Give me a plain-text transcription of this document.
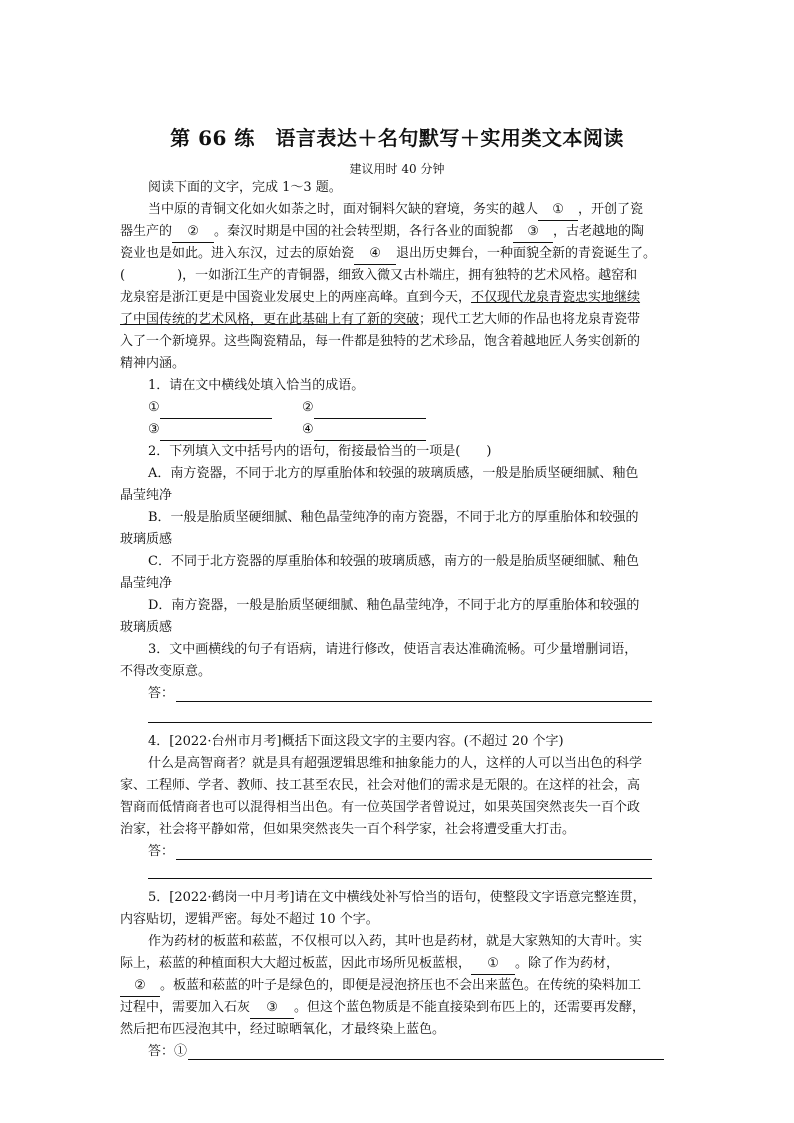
第 66 练　语言表达＋名句默写＋实用类文本阅读
建议用时 40 分钟
阅读下面的文字，完成 1～3 题。
当中原的青铜文化如火如荼之时，面对铜料欠缺的窘境，务实的越人 ① ，开创了瓷
器生产的 ② 。秦汉时期是中国的社会转型期，各行各业的面貌都 ③ ，古老越地的陶
瓷业也是如此。进入东汉，过去的原始瓷 ④ 退出历史舞台，一种面貌全新的青瓷诞生了。
(　　　　)，一如浙江生产的青铜器，细致入微又古朴端庄，拥有独特的艺术风格。越窑和
龙泉窑是浙江更是中国瓷业发展史上的两座高峰。直到今天，不仅现代龙泉青瓷忠实地继续
了中国传统的艺术风格，更在此基础上有了新的突破；现代工艺大师的作品也将龙泉青瓷带
入了一个新境界。这些陶瓷精品，每一件都是独特的艺术珍品，饱含着越地匠人务实创新的
精神内涵。
1．请在文中横线处填入恰当的成语。
①	②
③	④
2．下列填入文中括号内的语句，衔接最恰当的一项是(　　)
A．南方瓷器，不同于北方的厚重胎体和较强的玻璃质感，一般是胎质坚硬细腻、釉色
晶莹纯净
B．一般是胎质坚硬细腻、釉色晶莹纯净的南方瓷器，不同于北方的厚重胎体和较强的
玻璃质感
C．不同于北方瓷器的厚重胎体和较强的玻璃质感，南方的一般是胎质坚硬细腻、釉色
晶莹纯净
D．南方瓷器，一般是胎质坚硬细腻、釉色晶莹纯净，不同于北方的厚重胎体和较强的
玻璃质感
3．文中画横线的句子有语病，请进行修改，使语言表达准确流畅。可少量增删词语，
不得改变原意。
答：
4．[2022·台州市月考]概括下面这段文字的主要内容。(不超过 20 个字)
什么是高智商者？就是具有超强逻辑思维和抽象能力的人，这样的人可以当出色的科学
家、工程师、学者、教师、技工甚至农民，社会对他们的需求是无限的。在这样的社会，高
智商而低情商者也可以混得相当出色。有一位英国学者曾说过，如果英国突然丧失一百个政
治家，社会将平静如常，但如果突然丧失一百个科学家，社会将遭受重大打击。
答：
5．[2022·鹤岗一中月考]请在文中横线处补写恰当的语句，使整段文字语意完整连贯，
内容贴切，逻辑严密。每处不超过 10 个字。
作为药材的板蓝和菘蓝，不仅根可以入药，其叶也是药材，就是大家熟知的大青叶。实
际上，菘蓝的种植面积大大超过板蓝，因此市场所见板蓝根， ① 。除了作为药材，
② 。板蓝和菘蓝的叶子是绿色的，即便是浸泡挤压也不会出来蓝色。在传统的染料加工
过程中，需要加入石灰 ③ 。但这个蓝色物质是不能直接染到布匹上的，还需要再发酵，
然后把布匹浸泡其中，经过晾晒氧化，才最终染上蓝色。
答：①
